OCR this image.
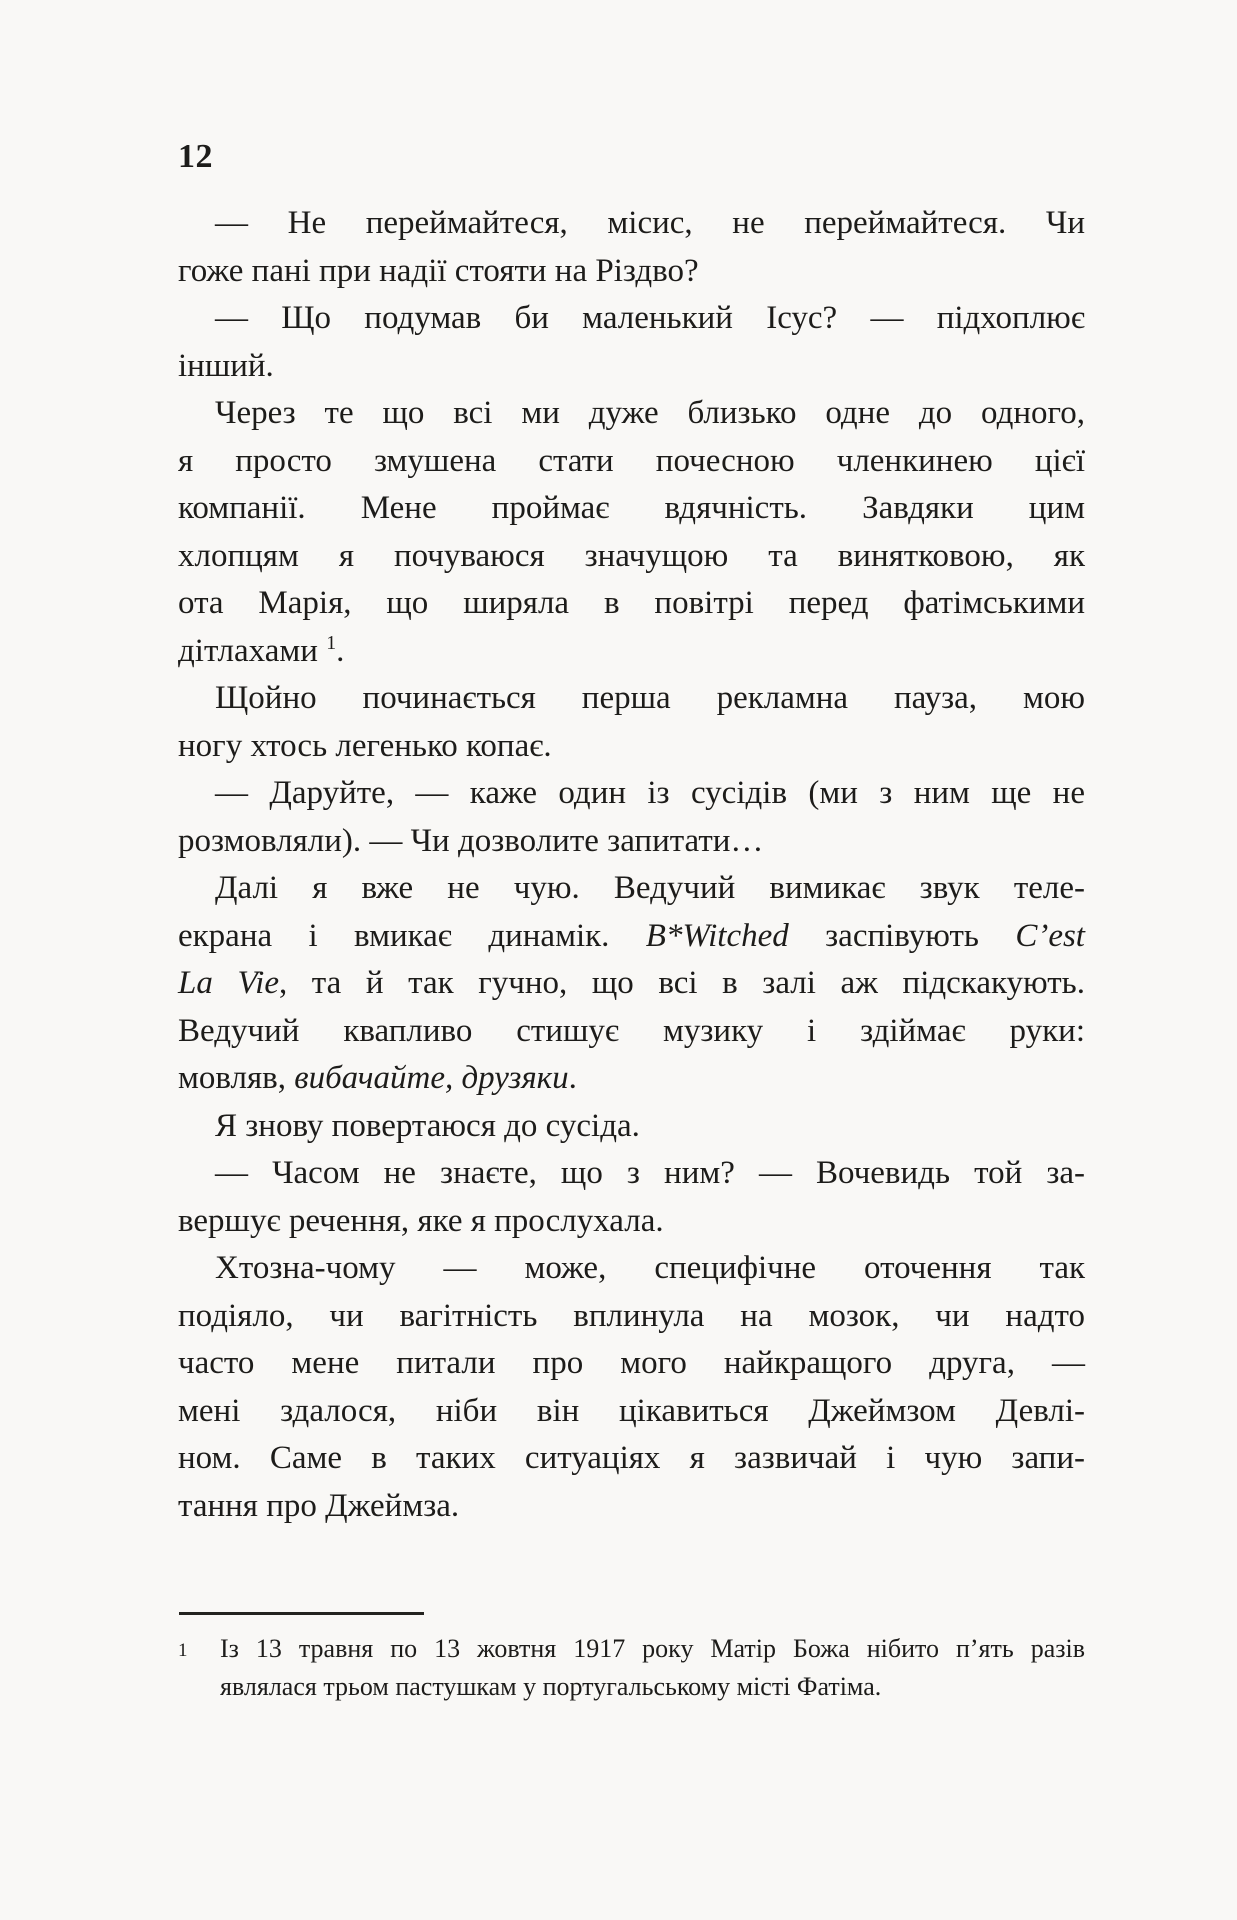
12
— Не переймайтеся, місис, не переймайтеся. Чи
гоже пані при надії стояти на Різдво?
— Що подумав би маленький Ісус? — підхоплює
інший.
Через те що всі ми дуже близько одне до одного,
я просто змушена стати почесною членкинею цієї
компанії. Мене проймає вдячність. Завдяки цим
хлопцям я почуваюся значущою та винятковою, як
ота Марія, що ширяла в повітрі перед фатімськими
дітлахами $^1$.
Щойно починається перша рекламна пауза, мою
ногу хтось легенько копає.
— Даруйте, — каже один із сусідів (ми з ним ще не
розмовляли). — Чи дозволите запитати…
Далі я вже не чую. Ведучий вимикає звук теле-
екрана і вмикає динамік. B*Witched заспівують C’est
La Vie, та й так гучно, що всі в залі аж підскакують.
Ведучий квапливо стишує музику і здіймає руки:
мовляв, вибачайте, друзяки.
Я знову повертаюся до сусіда.
— Часом не знаєте, що з ним? — Вочевидь той за-
вершує речення, яке я прослухала.
Хтозна-чому — може, специфічне оточення так
подіяло, чи вагітність вплинула на мозок, чи надто
часто мене питали про мого найкращого друга, —
мені здалося, ніби він цікавиться Джеймзом Девлі-
ном. Саме в таких ситуаціях я зазвичай і чую запи-
тання про Джеймза.
1	Із 13 травня по 13 жовтня 1917 року Матір Божа нібито п’ять разів
являлася трьом пастушкам у португальському місті Фатіма.
